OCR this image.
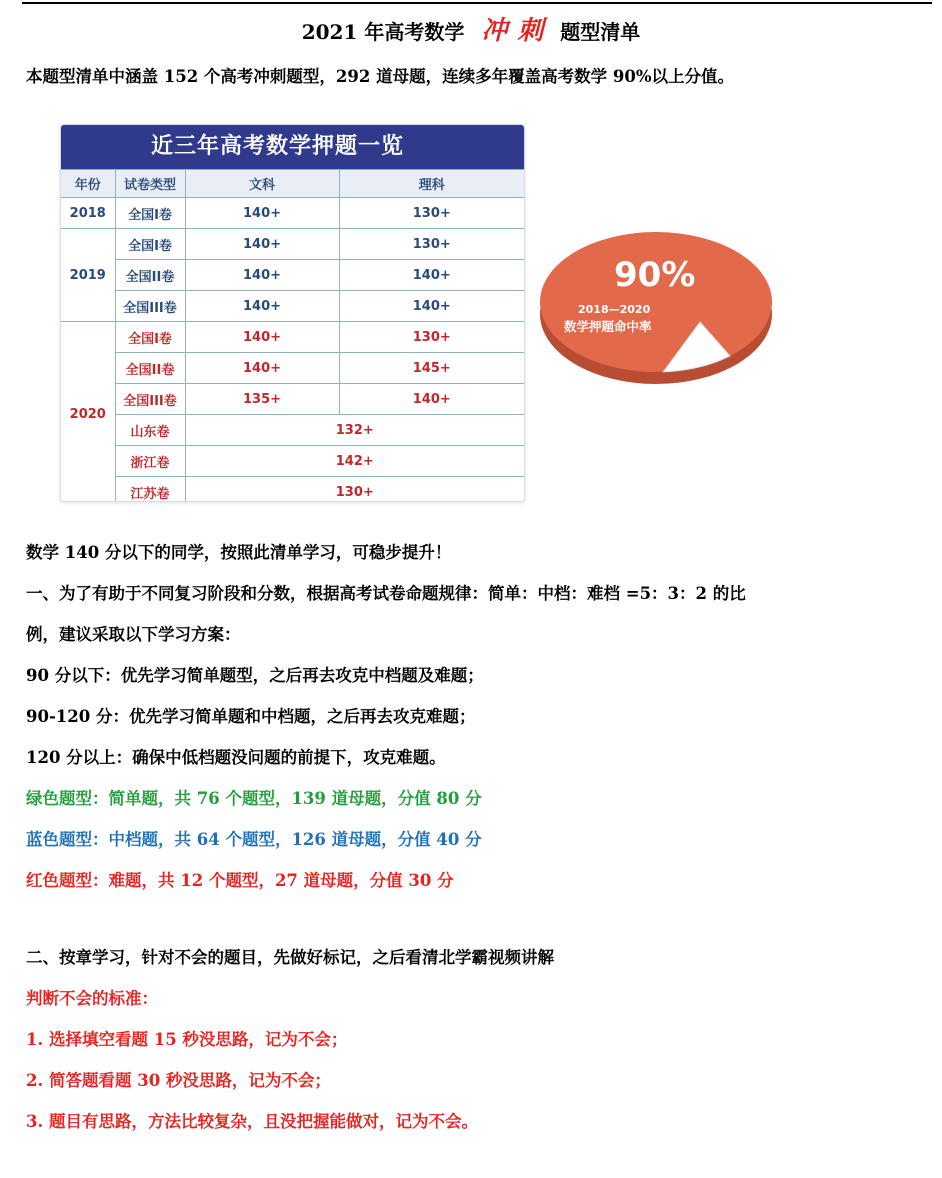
2021 年高考数学 冲刺 题型清单
本题型清单中涵盖 152 个高考冲刺题型，292 道母题，连续多年覆盖高考数学 90%以上分值。
近三年高考数学押题一览
年份	试卷类型	文科	理科
2018	全国I卷	140+	130+
2019	全国I卷	140+	130+
	全国II卷	140+	140+
	全国III卷	140+	140+
2020	全国I卷	140+	130+
	全国II卷	140+	145+
	全国III卷	135+	140+
	山东卷	132+	
	浙江卷	142+	
	江苏卷	130+	
90%
2018—2020
数学押题命中率

数学 140 分以下的同学，按照此清单学习，可稳步提升！

一、为了有助于不同复习阶段和分数，根据高考试卷命题规律：简单：中档：难档 =5：3：2 的比

例，建议采取以下学习方案：

90 分以下：优先学习简单题型，之后再去攻克中档题及难题；

90-120 分：优先学习简单题和中档题，之后再去攻克难题；

120 分以上：确保中低档题没问题的前提下，攻克难题。

绿色题型：简单题，共 76 个题型，139 道母题，分值 80 分

蓝色题型：中档题，共 64 个题型，126 道母题，分值 40 分

红色题型：难题，共 12 个题型，27 道母题，分值 30 分

二、按章学习，针对不会的题目，先做好标记，之后看清北学霸视频讲解

判断不会的标准：

1. 选择填空看题 15 秒没思路，记为不会；

2. 简答题看题 30 秒没思路，记为不会；

3. 题目有思路，方法比较复杂，且没把握能做对，记为不会。
